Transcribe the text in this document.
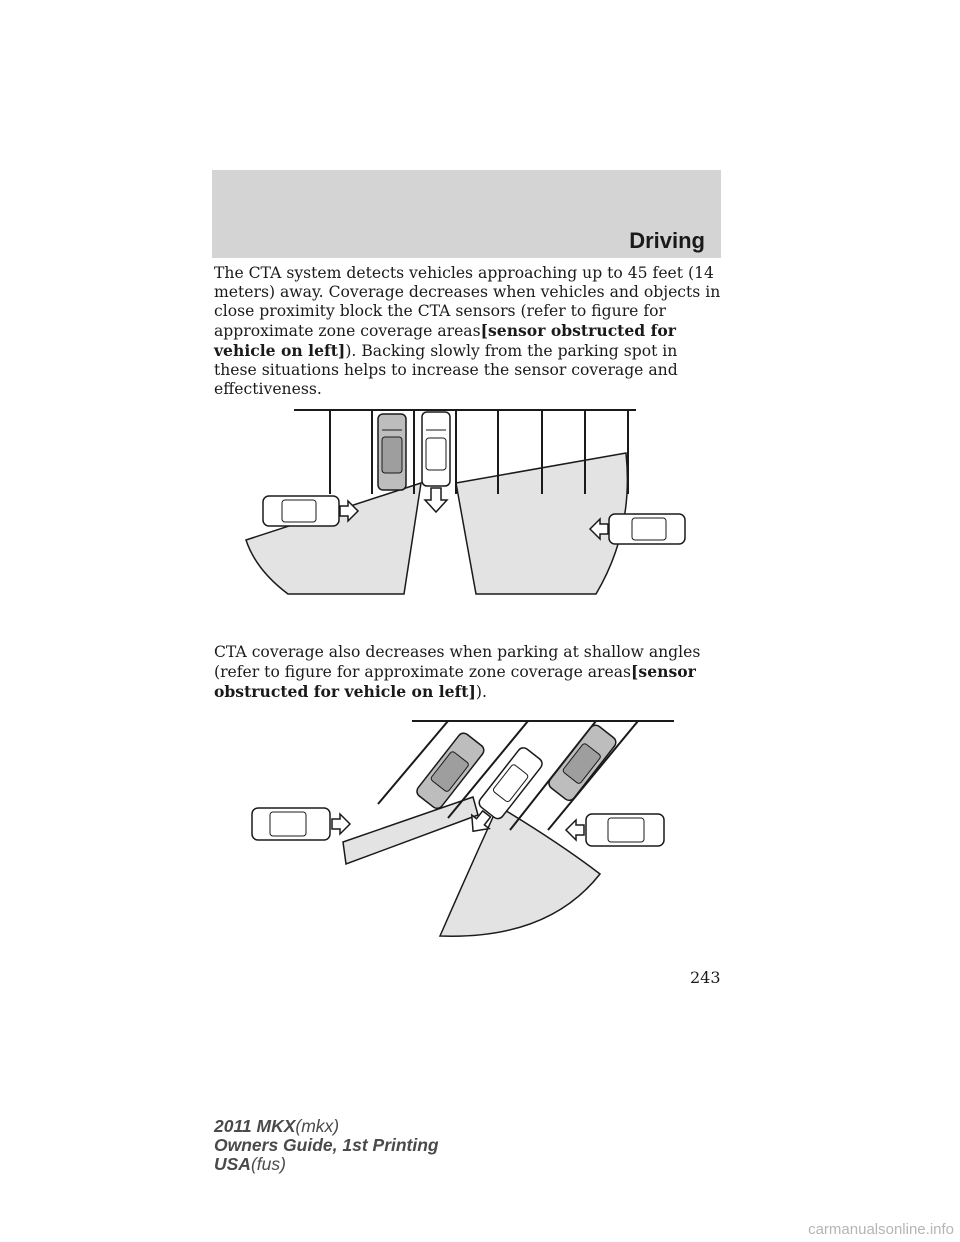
Driving

The CTA system detects vehicles approaching up to 45 feet (14 meters) away. Coverage decreases when vehicles and objects in close proximity block the CTA sensors (refer to figure for approximate zone coverage areas[sensor obstructed for vehicle on left]). Backing slowly from the parking spot in these situations helps to increase the sensor coverage and effectiveness.

CTA coverage also decreases when parking at shallow angles (refer to figure for approximate zone coverage areas[sensor obstructed for vehicle on left]).

243
2011 MKX(mkx)
Owners Guide, 1st Printing
USA(fus)
carmanualsonline.info
